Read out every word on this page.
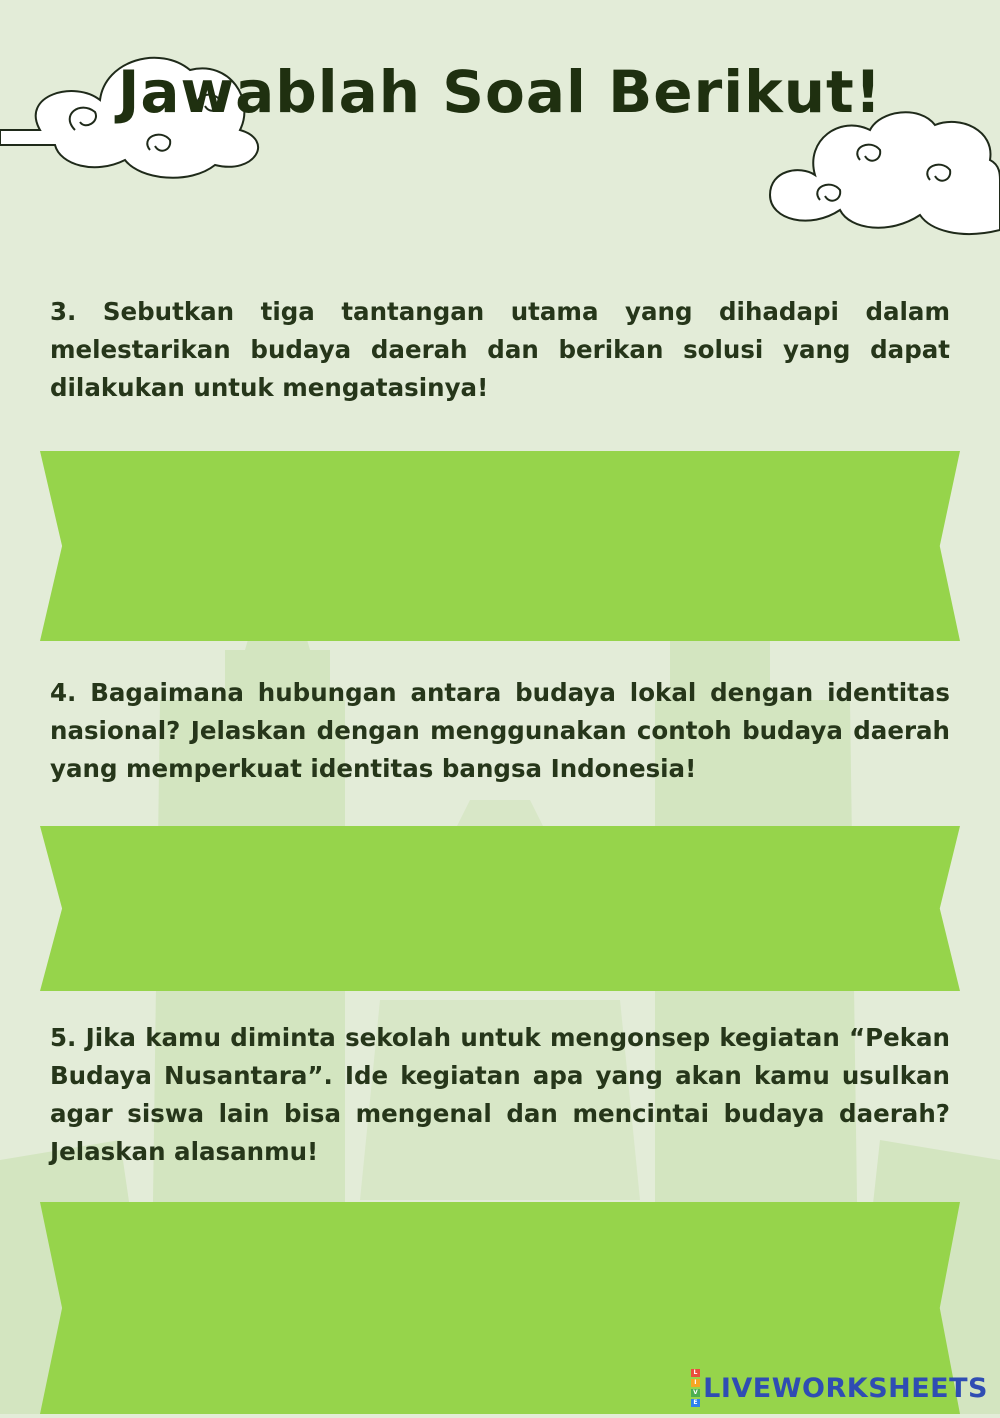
Jawablah Soal Berikut!

3. Sebutkan tiga tantangan utama yang dihadapi dalam melestarikan budaya daerah dan berikan solusi yang dapat dilakukan untuk mengatasinya!

4. Bagaimana hubungan antara budaya lokal dengan identitas nasional? Jelaskan dengan menggunakan contoh budaya daerah yang memperkuat identitas bangsa Indonesia!

5. Jika kamu diminta sekolah untuk mengonsep kegiatan “Pekan Budaya Nusantara”. Ide kegiatan apa yang akan kamu usulkan agar siswa lain bisa mengenal dan mencintai budaya daerah? Jelaskan alasanmu!

L
I
V
E LIVEWORKSHEETS
